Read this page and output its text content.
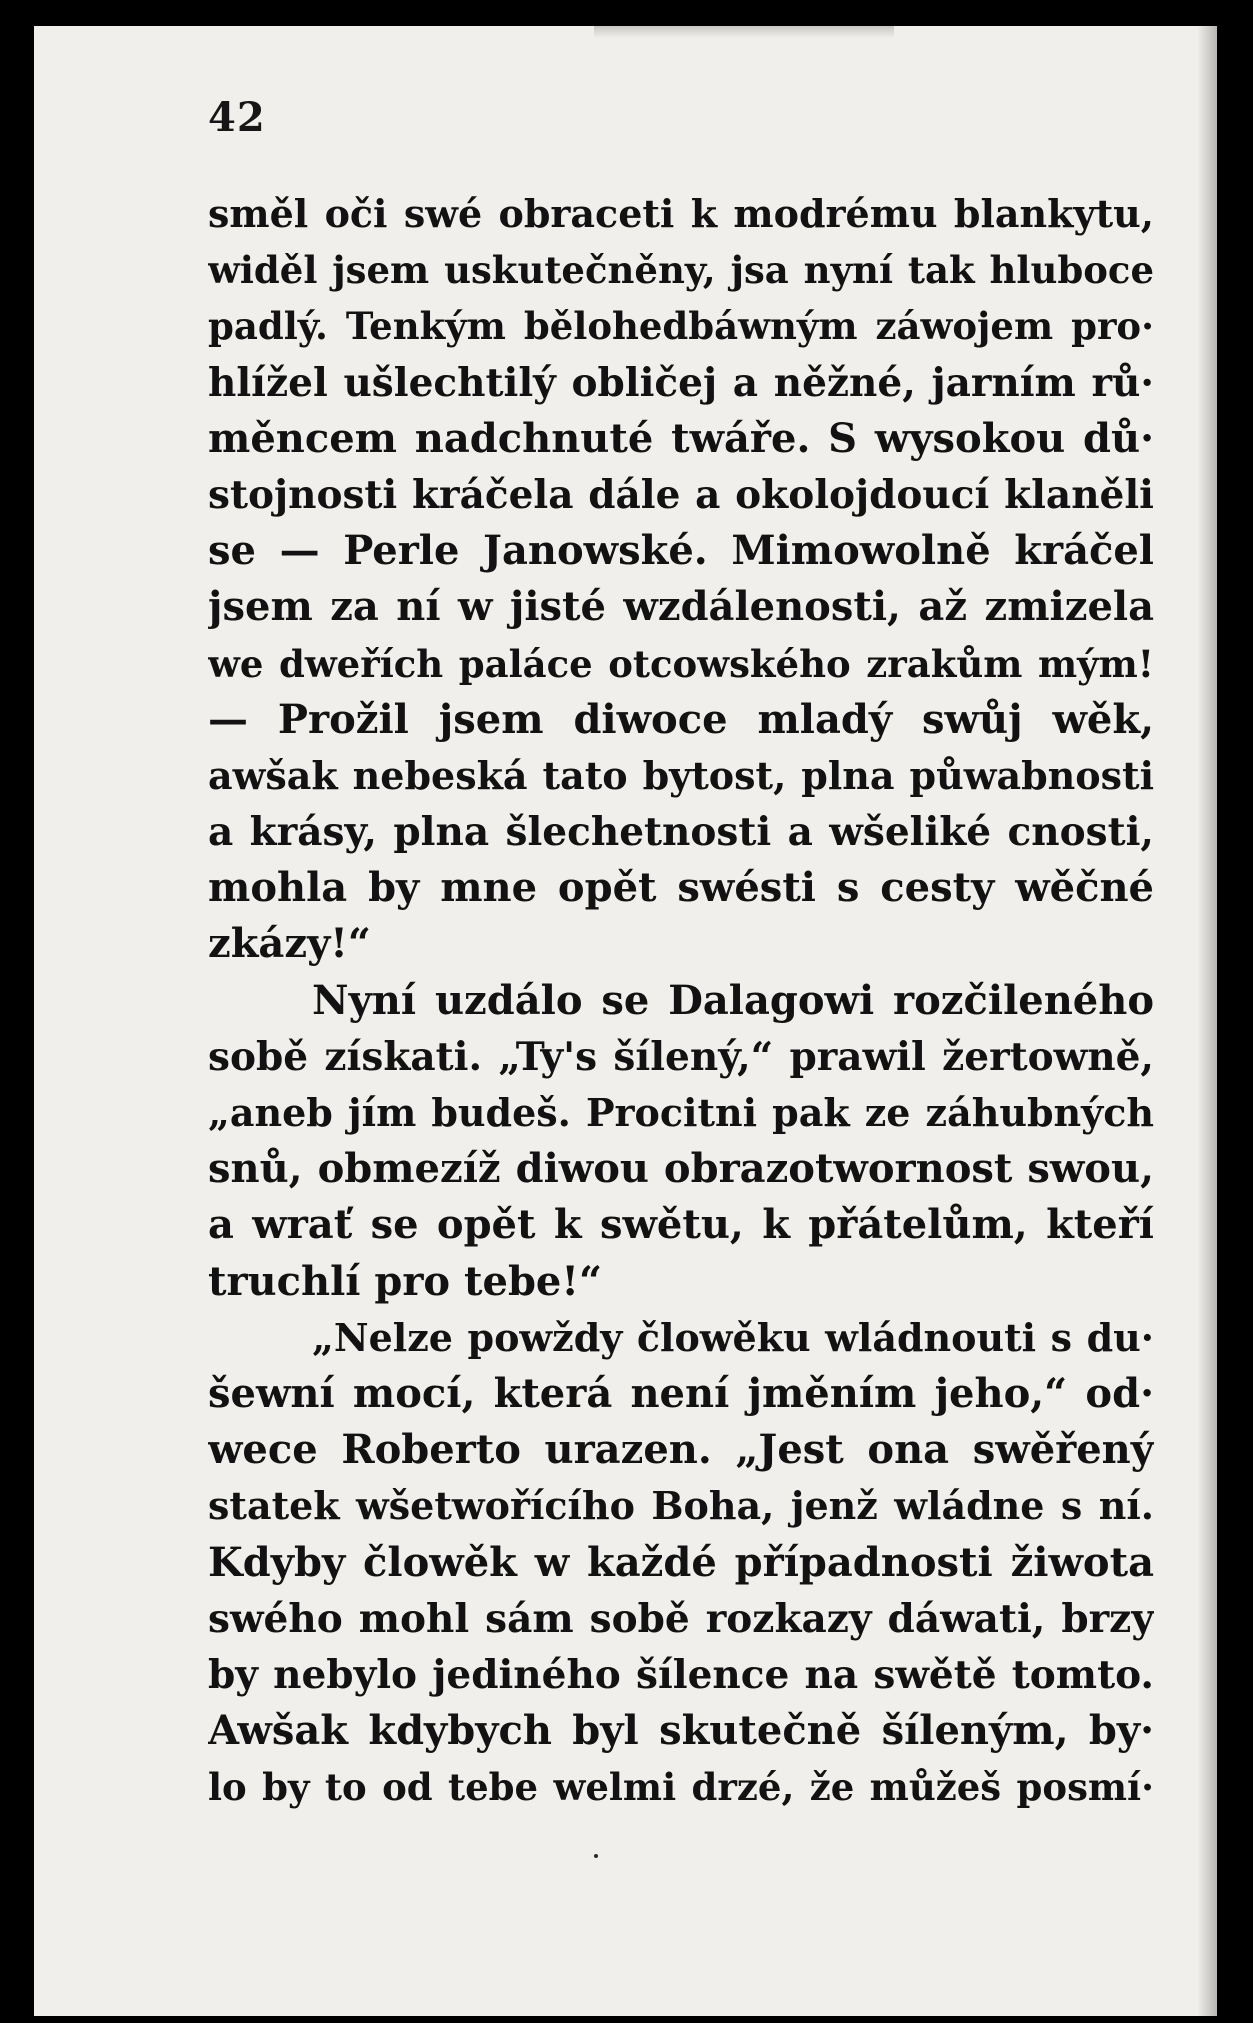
42
směl oči swé obraceti k modrému blankytu,
widěl jsem uskutečněny, jsa nyní tak hluboce
padlý. Tenkým bělohedbáwným záwojem pro·
hlížel ušlechtilý obličej a něžné, jarním rů·
měncem nadchnuté twáře. S wysokou dů·
stojnosti kráčela dále a okolojdoucí klaněli
se — Perle Janowské. Mimowolně kráčel
jsem za ní w jisté wzdálenosti, až zmizela
we dweřích paláce otcowského zrakům mým!
— Prožil jsem diwoce mladý swůj wěk,
awšak nebeská tato bytost, plna půwabnosti
a krásy, plna šlechetnosti a wšeliké cnosti,
mohla by mne opět swésti s cesty wěčné
zkázy!“
Nyní uzdálo se Dalagowi rozčileného
sobě získati. „Ty's šílený,“ prawil žertowně,
„aneb jím budeš. Procitni pak ze záhubných
snů, obmezíž diwou obrazotwornost swou,
a wrať se opět k swětu, k přátelům, kteří
truchlí pro tebe!“
„Nelze powždy člowěku wládnouti s du·
šewní mocí, která není jměním jeho,“ od·
wece Roberto urazen. „Jest ona swěřený
statek wšetwořícího Boha, jenž wládne s ní.
Kdyby člowěk w každé případnosti žiwota
swého mohl sám sobě rozkazy dáwati, brzy
by nebylo jediného šílence na swětě tomto.
Awšak kdybych byl skutečně šíleným, by·
lo by to od tebe welmi drzé, že můžeš posmí·
